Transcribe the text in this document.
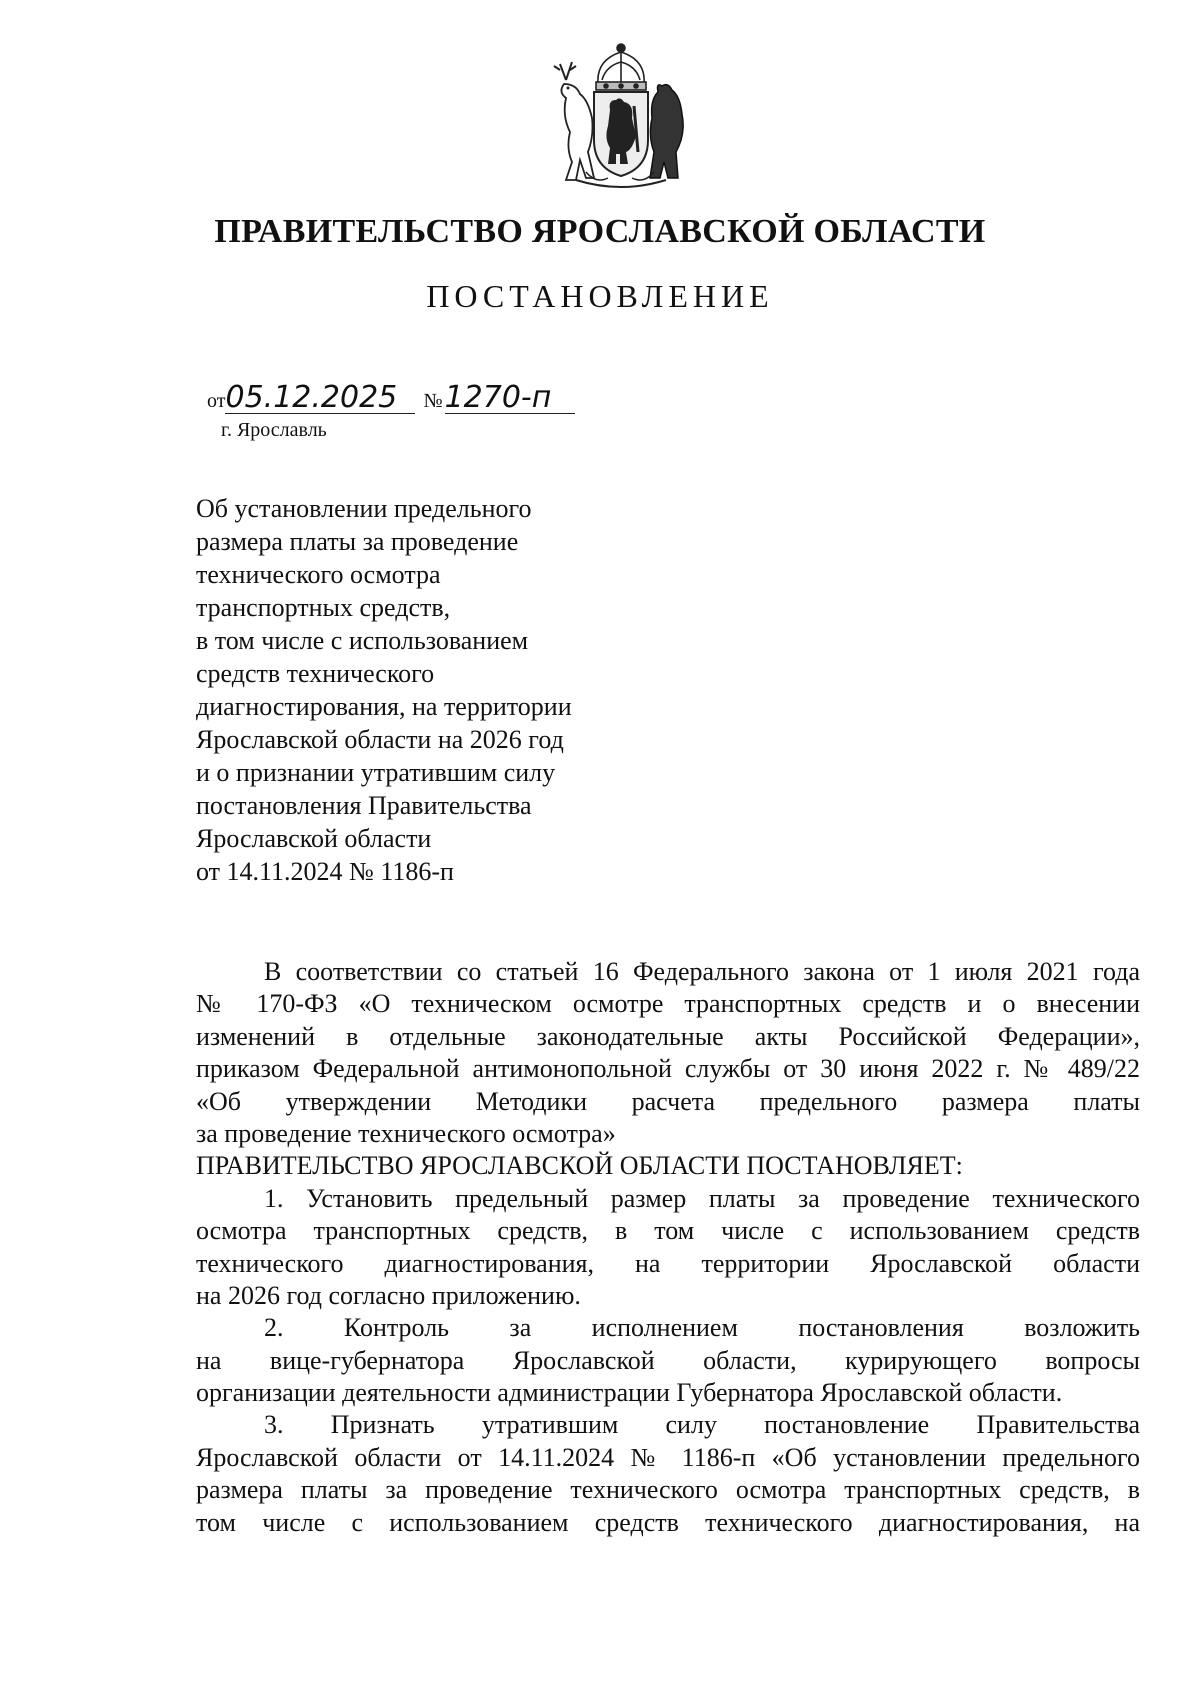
ПРАВИТЕЛЬСТВО ЯРОСЛАВСКОЙ ОБЛАСТИ
ПОСТАНОВЛЕНИЕ
от05.12.2025 №1270-п
г. Ярославль
Об установлении предельного
размера платы за проведение
технического осмотра
транспортных средств,
в том числе с использованием
средств технического
диагностирования, на территории
Ярославской области на 2026 год
и о признании утратившим силу
постановления Правительства
Ярославской области
от 14.11.2024 № 1186-п
В соответствии со статьей 16 Федерального закона от 1 июля 2021 года
№ 170-ФЗ «О техническом осмотре транспортных средств и о внесении
изменений в отдельные законодательные акты Российской Федерации»,
приказом Федеральной антимонопольной службы от 30 июня 2022 г. № 489/22
«Об утверждении Методики расчета предельного размера платы
за проведение технического осмотра»
ПРАВИТЕЛЬСТВО ЯРОСЛАВСКОЙ ОБЛАСТИ ПОСТАНОВЛЯЕТ:
1. Установить предельный размер платы за проведение технического
осмотра транспортных средств, в том числе с использованием средств
технического диагностирования, на территории Ярославской области
на 2026 год согласно приложению.
2. Контроль за исполнением постановления возложить
на вице-губернатора Ярославской области, курирующего вопросы
организации деятельности администрации Губернатора Ярославской области.
3. Признать утратившим силу постановление Правительства
Ярославской области от 14.11.2024 № 1186-п «Об установлении предельного
размера платы за проведение технического осмотра транспортных средств, в
том числе с использованием средств технического диагностирования, на
